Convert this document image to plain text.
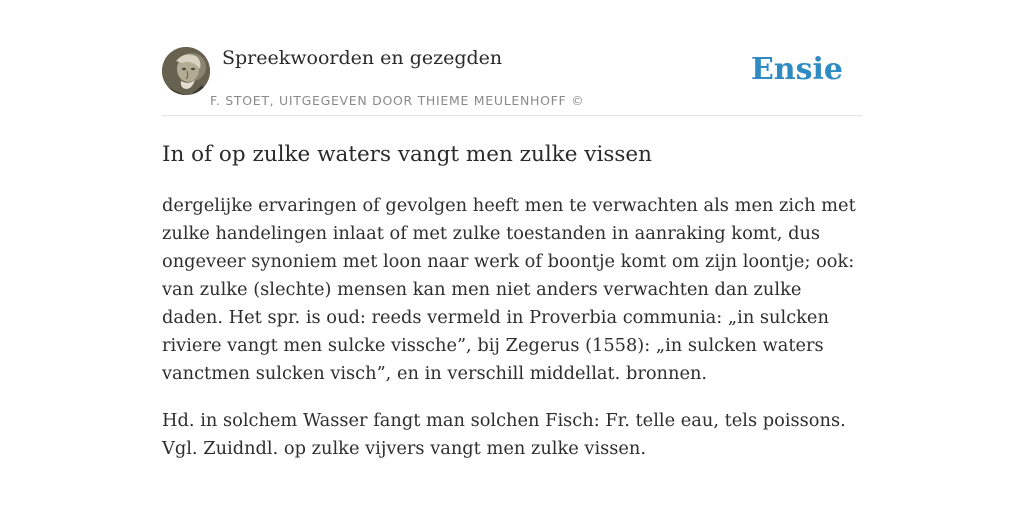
Spreekwoorden en gezegden
F. STOET, UITGEGEVEN DOOR THIEME MEULENHOFF ©
Ensie
In of op zulke waters vangt men zulke vissen

dergelijke ervaringen of gevolgen heeft men te verwachten als men zich met zulke handelingen inlaat of met zulke toestanden in aanraking komt, dus ongeveer synoniem met loon naar werk of boontje komt om zijn loontje; ook: van zulke (slechte) mensen kan men niet anders verwachten dan zulke daden. Het spr. is oud: reeds vermeld in Proverbia communia: „in sulcken riviere vangt men sulcke vissche”, bij Zegerus (1558): „in sulcken waters vanctmen sulcken visch”, en in verschill middellat. bronnen.

Hd. in solchem Wasser fangt man solchen Fisch: Fr. telle eau, tels poissons. Vgl. Zuidndl. op zulke vijvers vangt men zulke vissen.
